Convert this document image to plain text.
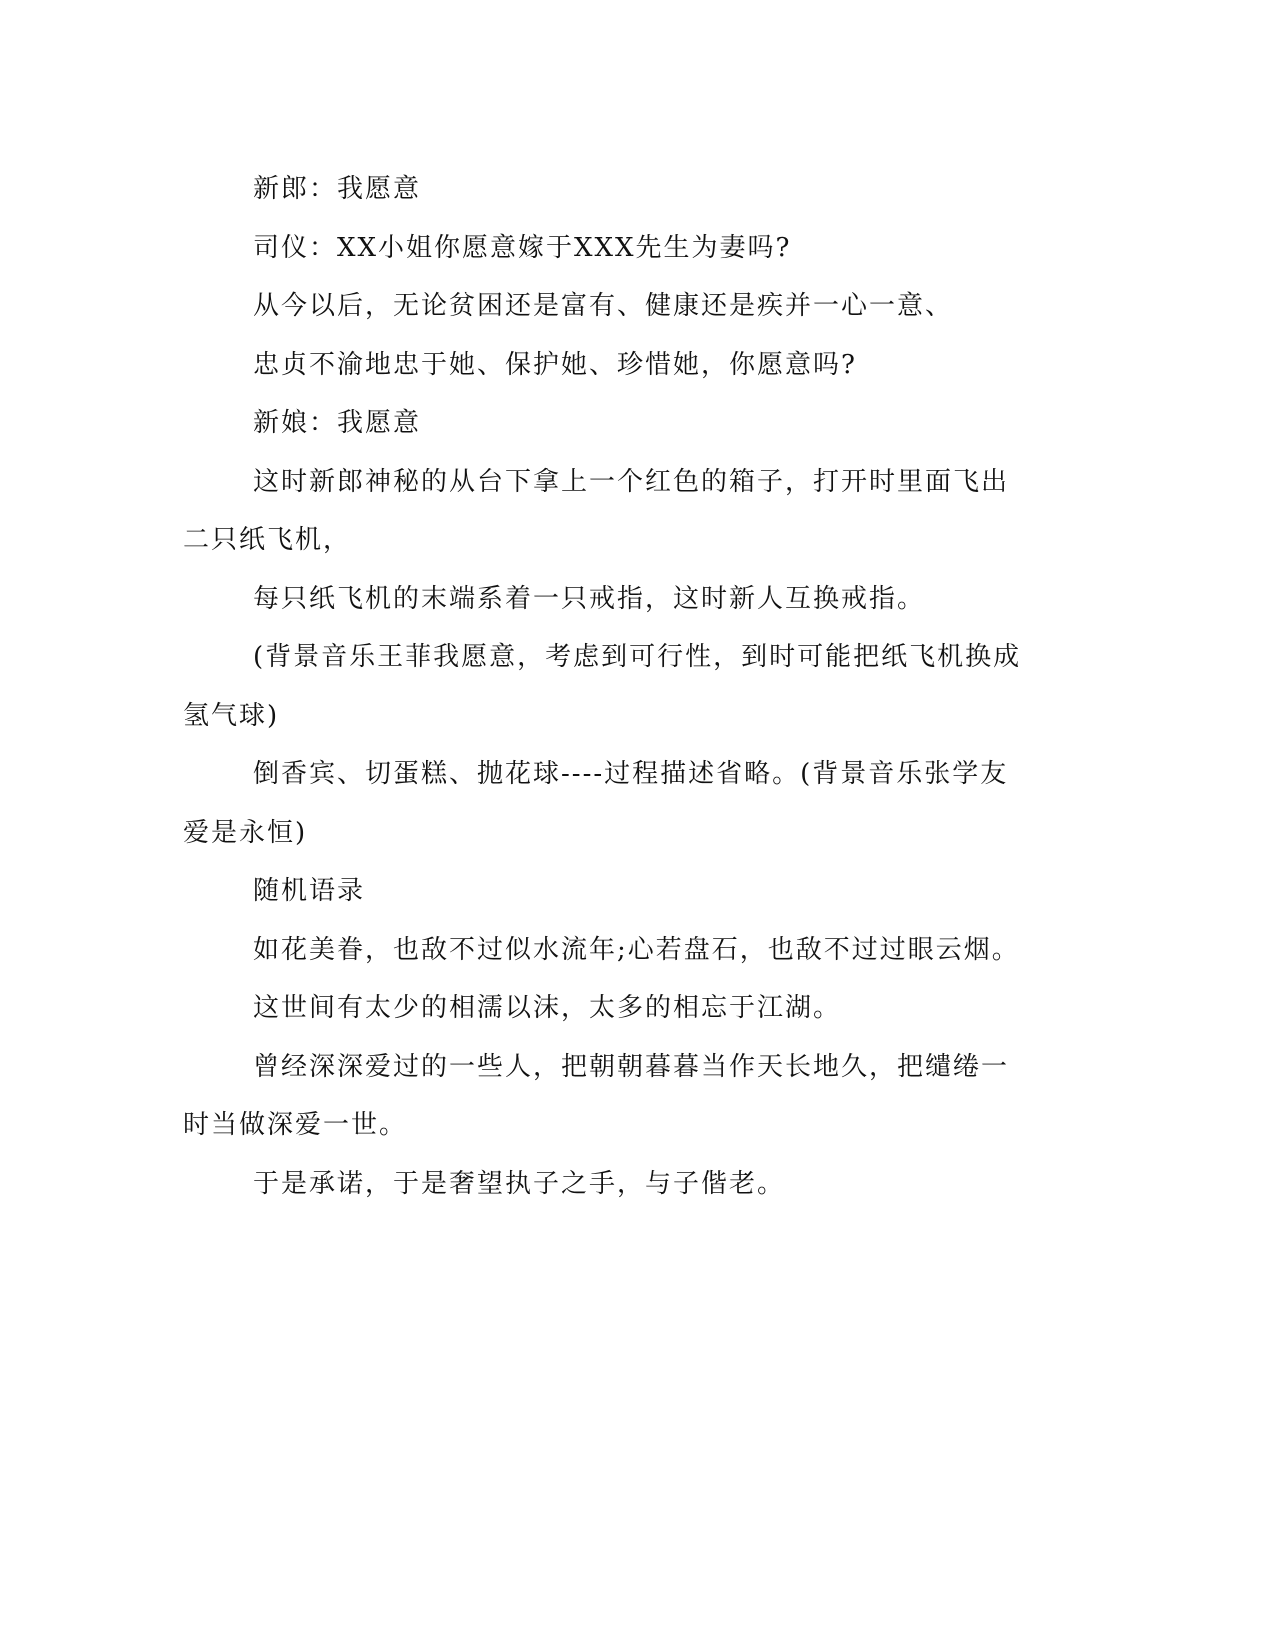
新郎：我愿意

司仪：XX小姐你愿意嫁于XXX先生为妻吗?

从今以后，无论贫困还是富有、健康还是疾并一心一意、

忠贞不渝地忠于她、保护她、珍惜她，你愿意吗?

新娘：我愿意

这时新郎神秘的从台下拿上一个红色的箱子，打开时里面飞出二只纸飞机，

每只纸飞机的末端系着一只戒指，这时新人互换戒指。

(背景音乐王菲我愿意，考虑到可行性，到时可能把纸飞机换成氢气球)

倒香宾、切蛋糕、抛花球----过程描述省略。(背景音乐张学友爱是永恒)

随机语录

如花美眷，也敌不过似水流年;心若盘石，也敌不过过眼云烟。

这世间有太少的相濡以沫，太多的相忘于江湖。

曾经深深爱过的一些人，把朝朝暮暮当作天长地久，把缱绻一时当做深爱一世。

于是承诺，于是奢望执子之手，与子偕老。
